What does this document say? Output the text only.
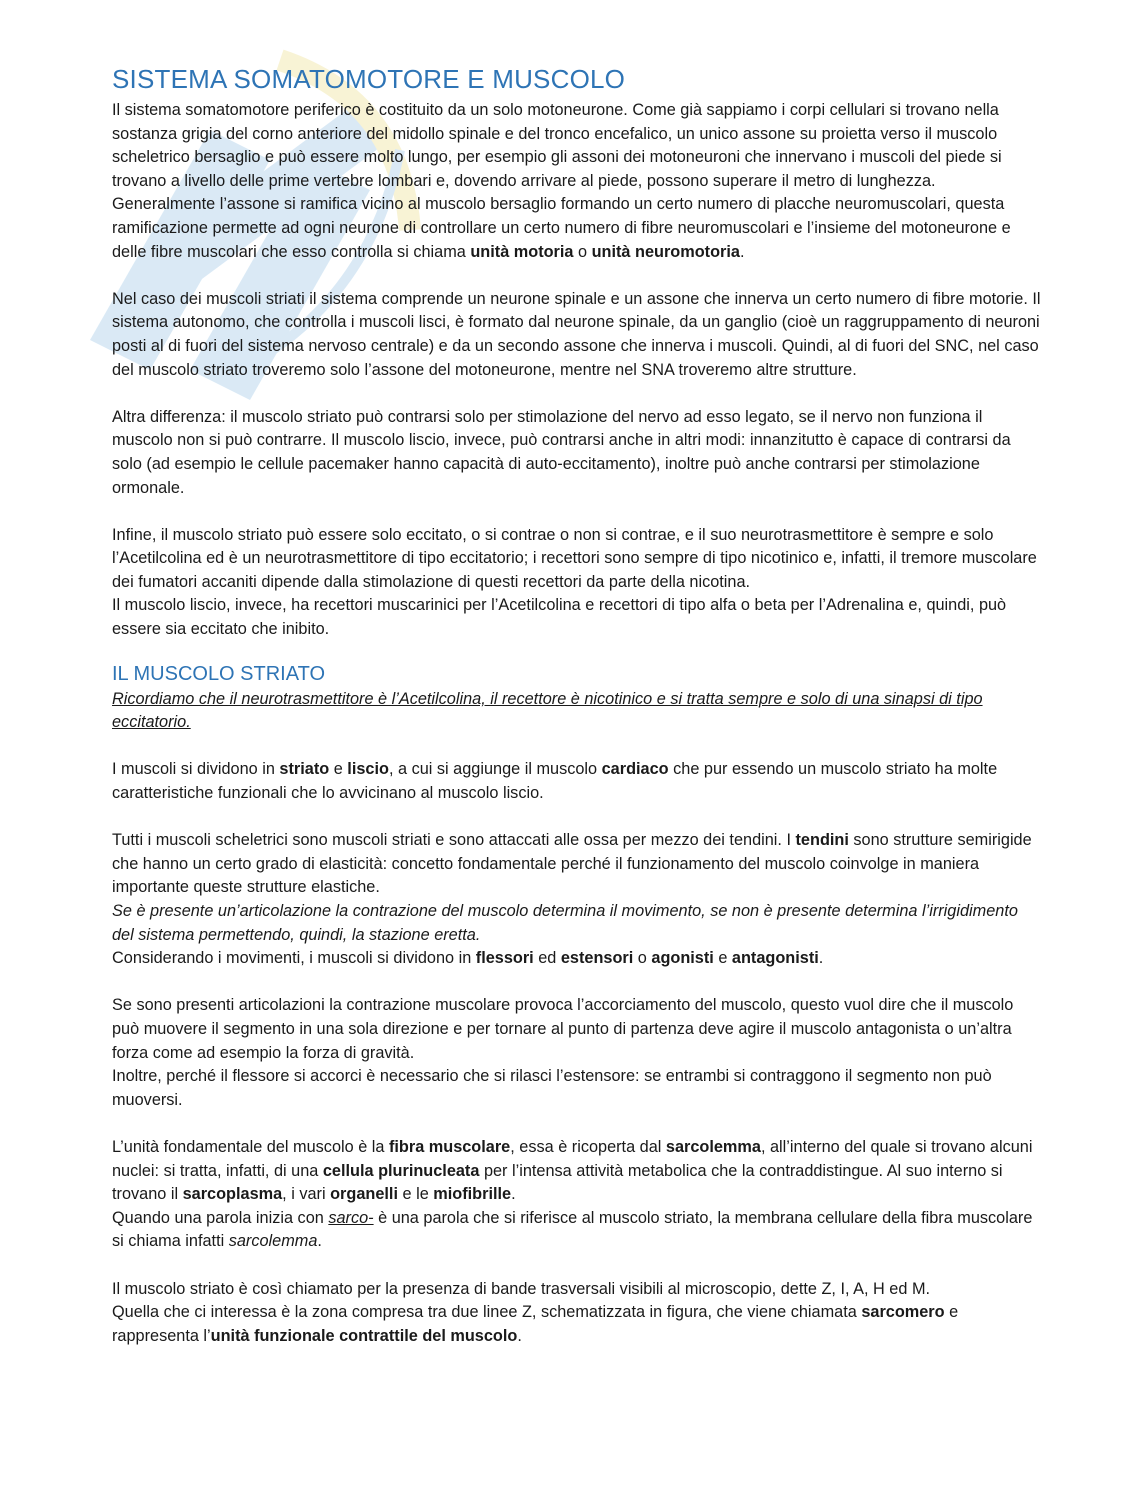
SISTEMA SOMATOMOTORE E MUSCOLO

Il sistema somatomotore periferico è costituito da un solo motoneurone. Come già sappiamo i corpi cellulari si trovano nella sostanza grigia del corno anteriore del midollo spinale e del tronco encefalico, un unico assone su proietta verso il muscolo scheletrico bersaglio e può essere molto lungo, per esempio gli assoni dei motoneuroni che innervano i muscoli del piede si trovano a livello delle prime vertebre lombari e, dovendo arrivare al piede, possono superare il metro di lunghezza.

Generalmente l’assone si ramifica vicino al muscolo bersaglio formando un certo numero di placche neuromuscolari, questa ramificazione permette ad ogni neurone di controllare un certo numero di fibre neuromuscolari e l’insieme del motoneurone e delle fibre muscolari che esso controlla si chiama unità motoria o unità neuromotoria.

Nel caso dei muscoli striati il sistema comprende un neurone spinale e un assone che innerva un certo numero di fibre motorie. Il sistema autonomo, che controlla i muscoli lisci, è formato dal neurone spinale, da un ganglio (cioè un raggruppamento di neuroni posti al di fuori del sistema nervoso centrale) e da un secondo assone che innerva i muscoli. Quindi, al di fuori del SNC, nel caso del muscolo striato troveremo solo l’assone del motoneurone, mentre nel SNA troveremo altre strutture.

Altra differenza: il muscolo striato può contrarsi solo per stimolazione del nervo ad esso legato, se il nervo non funziona il muscolo non si può contrarre. Il muscolo liscio, invece, può contrarsi anche in altri modi: innanzitutto è capace di contrarsi da solo (ad esempio le cellule pacemaker hanno capacità di auto-eccitamento), inoltre può anche contrarsi per stimolazione ormonale.

Infine, il muscolo striato può essere solo eccitato, o si contrae o non si contrae, e il suo neurotrasmettitore è sempre e solo l’Acetilcolina ed è un neurotrasmettitore di tipo eccitatorio; i recettori sono sempre di tipo nicotinico e, infatti, il tremore muscolare dei fumatori accaniti dipende dalla stimolazione di questi recettori da parte della nicotina.

Il muscolo liscio, invece, ha recettori muscarinici per l’Acetilcolina e recettori di tipo alfa o beta per l’Adrenalina e, quindi, può essere sia eccitato che inibito.

IL MUSCOLO STRIATO

Ricordiamo che il neurotrasmettitore è l’Acetilcolina, il recettore è nicotinico e si tratta sempre e solo di una sinapsi di tipo eccitatorio.

I muscoli si dividono in striato e liscio, a cui si aggiunge il muscolo cardiaco che pur essendo un muscolo striato ha molte caratteristiche funzionali che lo avvicinano al muscolo liscio.

Tutti i muscoli scheletrici sono muscoli striati e sono attaccati alle ossa per mezzo dei tendini. I tendini sono strutture semirigide che hanno un certo grado di elasticità: concetto fondamentale perché il funzionamento del muscolo coinvolge in maniera importante queste strutture elastiche.

Se è presente un’articolazione la contrazione del muscolo determina il movimento, se non è presente determina l’irrigidimento del sistema permettendo, quindi, la stazione eretta.

Considerando i movimenti, i muscoli si dividono in flessori ed estensori o agonisti e antagonisti.

Se sono presenti articolazioni la contrazione muscolare provoca l’accorciamento del muscolo, questo vuol dire che il muscolo può muovere il segmento in una sola direzione e per tornare al punto di partenza deve agire il muscolo antagonista o un’altra forza come ad esempio la forza di gravità.

Inoltre, perché il flessore si accorci è necessario che si rilasci l’estensore: se entrambi si contraggono il segmento non può muoversi.

L’unità fondamentale del muscolo è la fibra muscolare, essa è ricoperta dal sarcolemma, all’interno del quale si trovano alcuni nuclei: si tratta, infatti, di una cellula plurinucleata per l’intensa attività metabolica che la contraddistingue. Al suo interno si trovano il sarcoplasma, i vari organelli e le miofibrille.

Quando una parola inizia con sarco- è una parola che si riferisce al muscolo striato, la membrana cellulare della fibra muscolare si chiama infatti sarcolemma.

Il muscolo striato è così chiamato per la presenza di bande trasversali visibili al microscopio, dette Z, I, A, H ed M.

Quella che ci interessa è la zona compresa tra due linee Z, schematizzata in figura, che viene chiamata sarcomero e rappresenta l’unità funzionale contrattile del muscolo.
